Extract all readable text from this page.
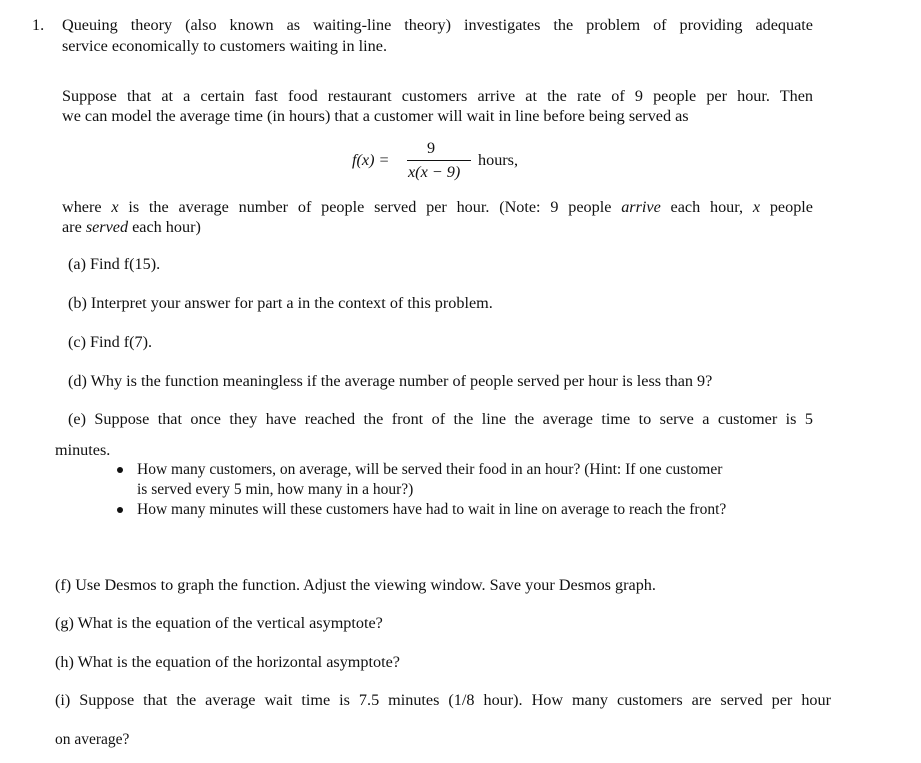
1. Queuing theory (also known as waiting-line theory) investigates the problem of providing adequate
service economically to customers waiting in line.
Suppose that at a certain fast food restaurant customers arrive at the rate of 9 people per hour. Then
we can model the average time (in hours) that a customer will wait in line before being served as
f(x) =
9
x(x − 9)
hours,
where x is the average number of people served per hour. (Note: 9 people arrive each hour, x people
are served each hour)
(a) Find f(15).
(b) Interpret your answer for part a in the context of this problem.
(c) Find f(7).
(d) Why is the function meaningless if the average number of people served per hour is less than 9?
(e) Suppose that once they have reached the front of the line the average time to serve a customer is 5
minutes.
How many customers, on average, will be served their food in an hour? (Hint: If one customer
is served every 5 min, how many in a hour?)
How many minutes will these customers have had to wait in line on average to reach the front?
(f) Use Desmos to graph the function. Adjust the viewing window. Save your Desmos graph.
(g) What is the equation of the vertical asymptote?
(h) What is the equation of the horizontal asymptote?
(i) Suppose that the average wait time is 7.5 minutes (1/8 hour). How many customers are served per hour
on average?
